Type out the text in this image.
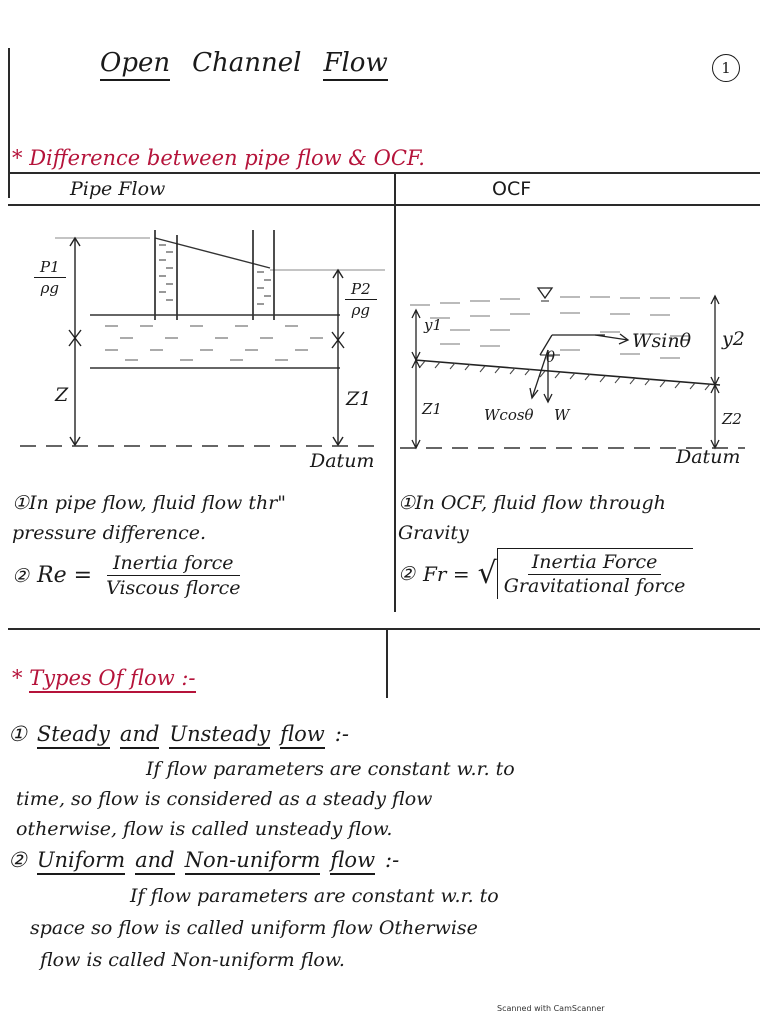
Open Channel Flow	1
* Difference between pipe flow & OCF.
Pipe Flow	OCF
$\frac{P1}{\rho g}$
$\frac{P2}{\rho g}$
Z	Z1
Datum
y1
y2
Wsinθ
θ
Wcosθ W
Z1
Z2
Datum
①In pipe flow, fluid flow thr"
pressure difference.
② $Re = \frac{\text{Inertia force}}{\text{Viscous florce}}$
①In OCF, fluid flow through
Gravity
② Fr = √ Inertia Force
Gravitational force
* Types Of flow :-
① Steady and Unsteady flow :-
If flow parameters are constant w.r. to
time, so flow is considered as a steady flow
otherwise, flow is called unsteady flow.
② Uniform and Non-uniform flow :-
If flow parameters are constant w.r. to
space so flow is called uniform flow Otherwise
flow is called Non-uniform flow.
Scanned with CamScanner
